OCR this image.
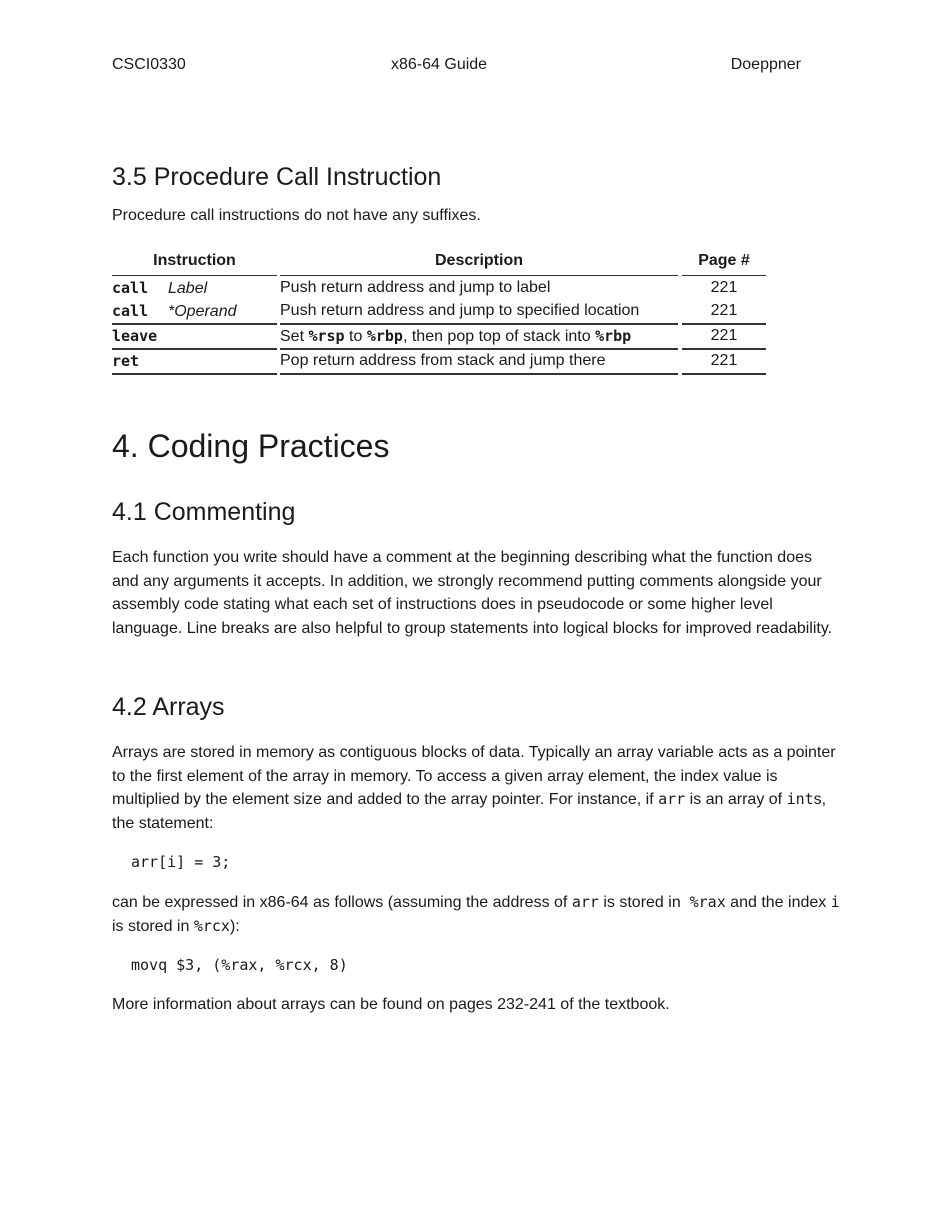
CSCI0330	x86-64 Guide	Doeppner
3.5 Procedure Call Instruction

Procedure call instructions do not have any suffixes.

Instruction	Description	Page #
call Label	Push return address and jump to label	221
call *Operand	Push return address and jump to specified location	221
leave	Set %rsp to %rbp, then pop top of stack into %rbp	221
ret	Pop return address from stack and jump there	221
4. Coding Practices
4.1 Commenting

Each function you write should have a comment at the beginning describing what the function does and any arguments it accepts. In addition, we strongly recommend putting comments alongside your assembly code stating what each set of instructions does in pseudocode or some higher level language. Line breaks are also helpful to group statements into logical blocks for improved readability.

4.2 Arrays

Arrays are stored in memory as contiguous blocks of data. Typically an array variable acts as a pointer to the first element of the array in memory. To access a given array element, the index value is multiplied by the element size and added to the array pointer. For instance, if arr is an array of ints, the statement:

arr[i] = 3;

can be expressed in x86-64 as follows (assuming the address of arr is stored in  %rax and the index i is stored in %rcx):

movq $3, (%rax, %rcx, 8)

More information about arrays can be found on pages 232-241 of the textbook.
